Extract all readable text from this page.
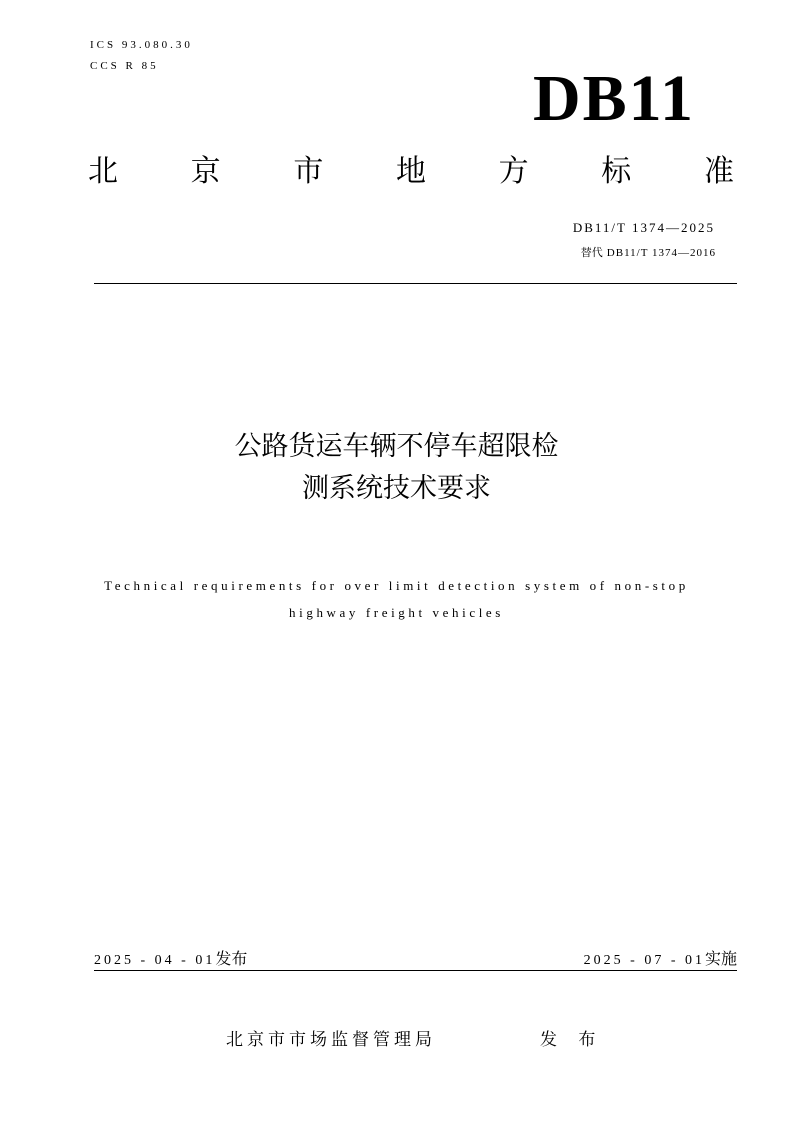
ICS 93.080.30
CCS R 85	DB11
北 京 市 地 方 标 准
DB11/T 1374—2025
替代 DB11/T 1374—2016
公路货运车辆不停车超限检
测系统技术要求
Technical requirements for over limit detection system of non-stop
highway freight vehicles
2025 - 04 - 01发布	2025 - 07 - 01实施
北京市市场监督管理局	发 布
